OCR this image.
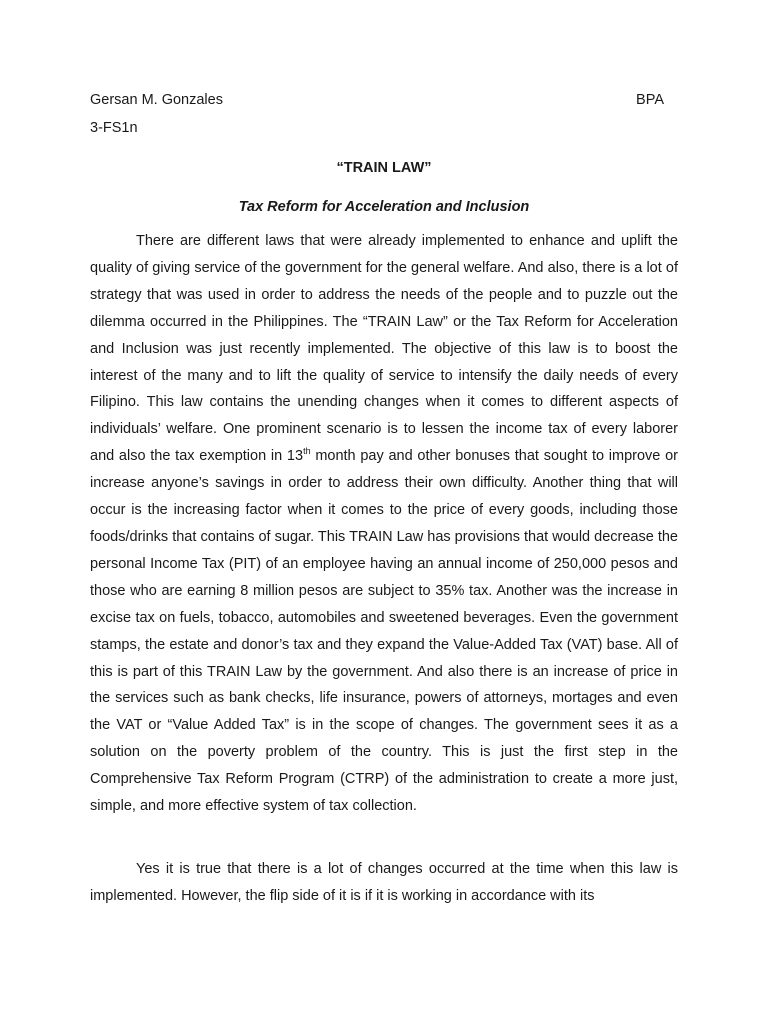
Gersan M. Gonzales	BPA
3-FS1n
“TRAIN LAW”
Tax Reform for Acceleration and Inclusion

There are different laws that were already implemented to enhance and uplift the quality of giving service of the government for the general welfare. And also, there is a lot of strategy that was used in order to address the needs of the people and to puzzle out the dilemma occurred in the Philippines. The “TRAIN Law” or the Tax Reform for Acceleration and Inclusion was just recently implemented. The objective of this law is to boost the interest of the many and to lift the quality of service to intensify the daily needs of every Filipino. This law contains the unending changes when it comes to different aspects of individuals’ welfare. One prominent scenario is to lessen the income tax of every laborer and also the tax exemption in 13th month pay and other bonuses that sought to improve or increase anyone’s savings in order to address their own difficulty. Another thing that will occur is the increasing factor when it comes to the price of every goods, including those foods/drinks that contains of sugar. This TRAIN Law has provisions that would decrease the personal Income Tax (PIT) of an employee having an annual income of 250,000 pesos and those who are earning 8 million pesos are subject to 35% tax. Another was the increase in excise tax on fuels, tobacco, automobiles and sweetened beverages. Even the government stamps, the estate and donor’s tax and they expand the Value-Added Tax (VAT) base. All of this is part of this TRAIN Law by the government. And also there is an increase of price in the services such as bank checks, life insurance, powers of attorneys, mortages and even the VAT or “Value Added Tax” is in the scope of changes. The government sees it as a solution on the poverty problem of the country. This is just the first step in the Comprehensive Tax Reform Program (CTRP) of the administration to create a more just, simple, and more effective system of tax collection.

Yes it is true that there is a lot of changes occurred at the time when this law is implemented. However, the flip side of it is if it is working in accordance with its
